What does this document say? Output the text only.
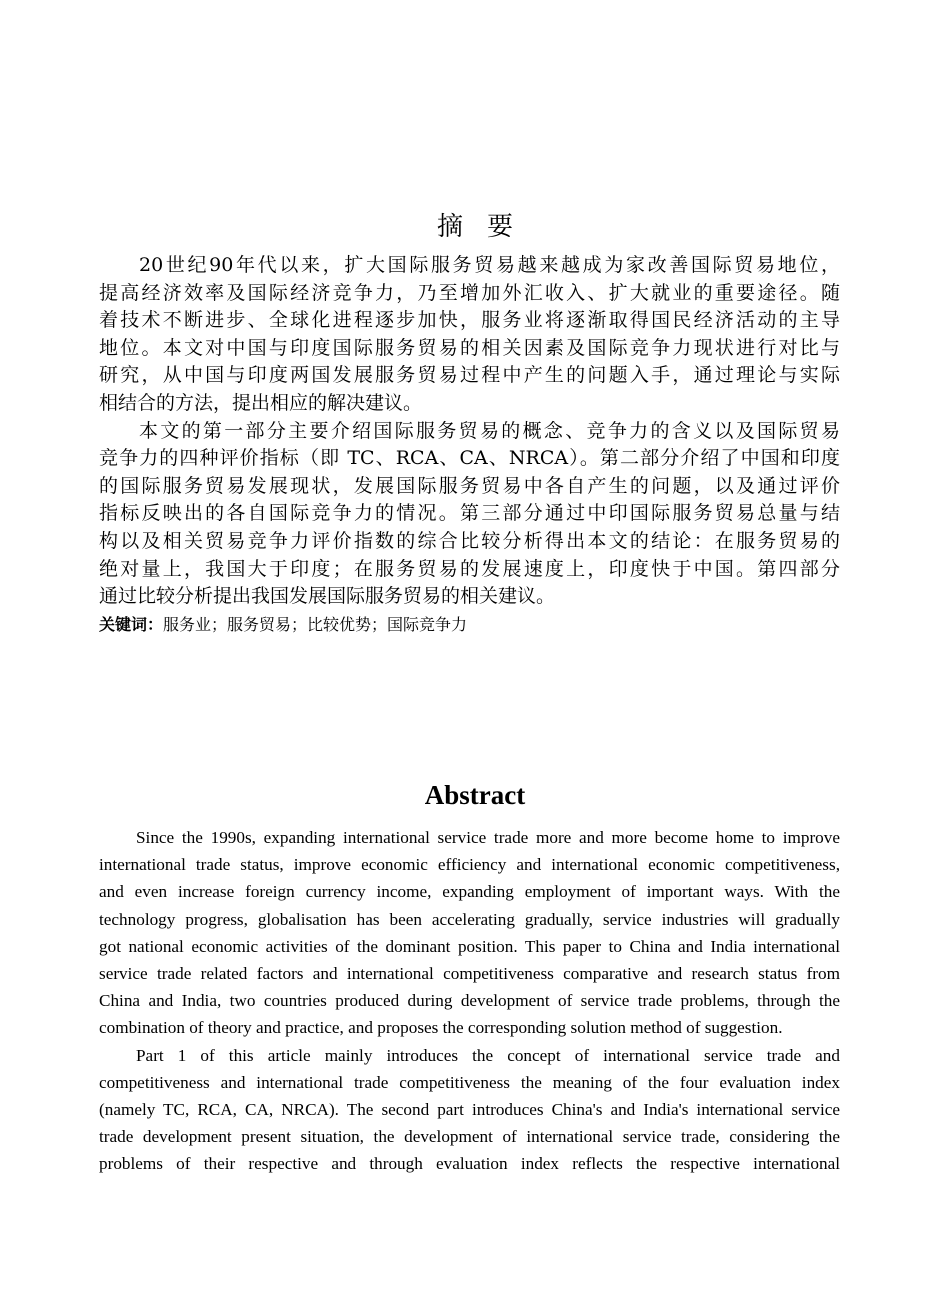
摘要
20世纪90年代以来，扩大国际服务贸易越来越成为家改善国际贸易地位，
提高经济效率及国际经济竞争力，乃至增加外汇收入、扩大就业的重要途径。随
着技术不断进步、全球化进程逐步加快，服务业将逐渐取得国民经济活动的主导
地位。本文对中国与印度国际服务贸易的相关因素及国际竞争力现状进行对比与
研究，从中国与印度两国发展服务贸易过程中产生的问题入手，通过理论与实际
相结合的方法，提出相应的解决建议。
本文的第一部分主要介绍国际服务贸易的概念、竞争力的含义以及国际贸易
竞争力的四种评价指标（即 TC、RCA、CA、NRCA）。第二部分介绍了中国和印度
的国际服务贸易发展现状，发展国际服务贸易中各自产生的问题，以及通过评价
指标反映出的各自国际竞争力的情况。第三部分通过中印国际服务贸易总量与结
构以及相关贸易竞争力评价指数的综合比较分析得出本文的结论：在服务贸易的
绝对量上，我国大于印度；在服务贸易的发展速度上，印度快于中国。第四部分
通过比较分析提出我国发展国际服务贸易的相关建议。
关键词：服务业；服务贸易；比较优势；国际竞争力
Abstract
Since the 1990s, expanding international service trade more and more become home to improve
international trade status, improve economic efficiency and international economic competitiveness,
and even increase foreign currency income, expanding employment of important ways. With the
technology progress, globalisation has been accelerating gradually, service industries will gradually
got national economic activities of the dominant position. This paper to China and India international
service trade related factors and international competitiveness comparative and research status from
China and India, two countries produced during development of service trade problems, through the
combination of theory and practice, and proposes the corresponding solution method of suggestion.
Part 1 of this article mainly introduces the concept of international service trade and
competitiveness and international trade competitiveness the meaning of the four evaluation index
(namely TC, RCA, CA, NRCA). The second part introduces China's and India's international service
trade development present situation, the development of international service trade, considering the
problems of their respective and through evaluation index reflects the respective international
